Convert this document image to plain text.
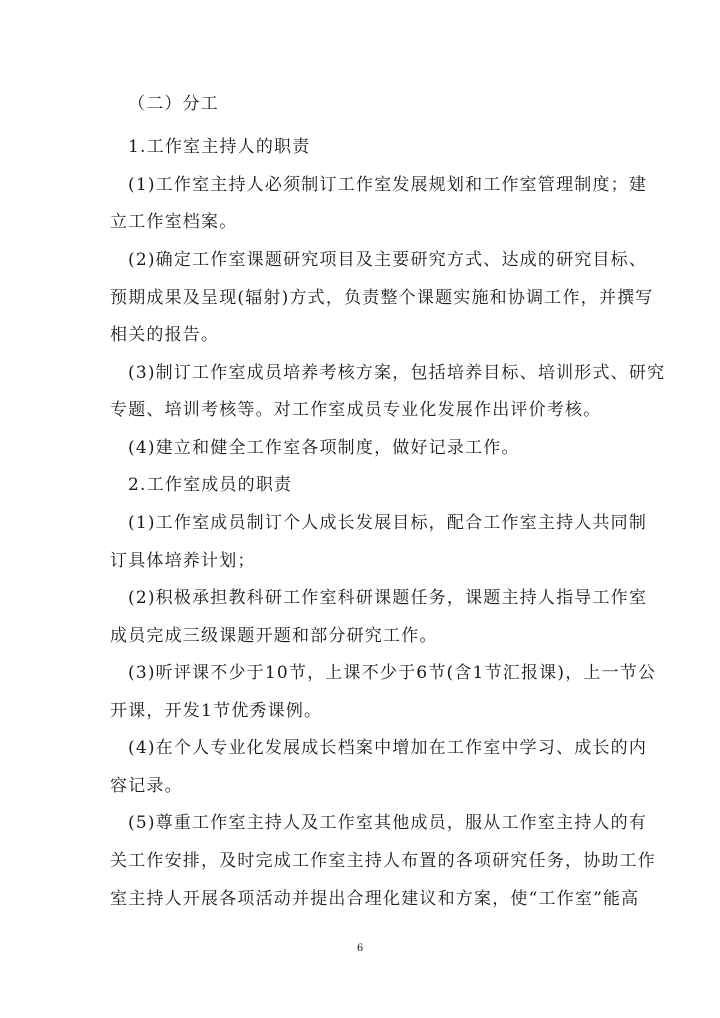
（二）分工
1.工作室主持人的职责
(1)工作室主持人必须制订工作室发展规划和工作室管理制度；建
立工作室档案。
(2)确定工作室课题研究项目及主要研究方式、达成的研究目标、
预期成果及呈现(辐射)方式，负责整个课题实施和协调工作，并撰写
相关的报告。
(3)制订工作室成员培养考核方案，包括培养目标、培训形式、研究
专题、培训考核等。对工作室成员专业化发展作出评价考核。
(4)建立和健全工作室各项制度，做好记录工作。
2.工作室成员的职责
(1)工作室成员制订个人成长发展目标，配合工作室主持人共同制
订具体培养计划；
(2)积极承担教科研工作室科研课题任务，课题主持人指导工作室
成员完成三级课题开题和部分研究工作。
(3)听评课不少于10节，上课不少于6节(含1节汇报课)，上一节公
开课，开发1节优秀课例。
(4)在个人专业化发展成长档案中增加在工作室中学习、成长的内
容记录。
(5)尊重工作室主持人及工作室其他成员，服从工作室主持人的有
关工作安排，及时完成工作室主持人布置的各项研究任务，协助工作
室主持人开展各项活动并提出合理化建议和方案，使“工作室”能高
6
